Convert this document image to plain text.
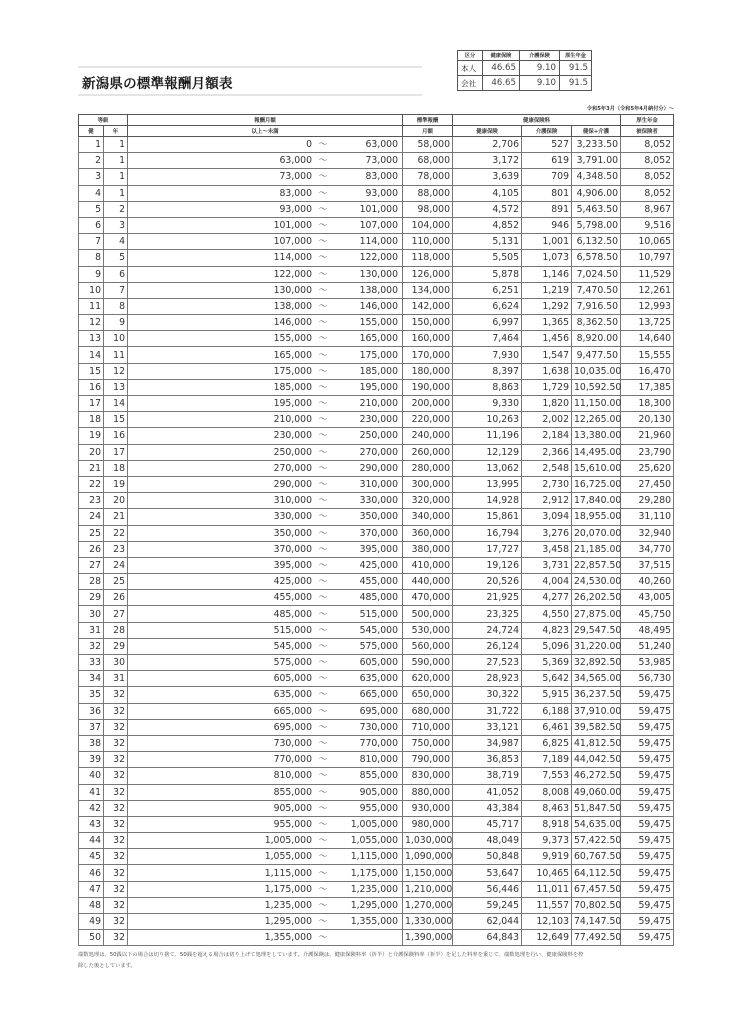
新潟県の標準報酬月額表
区分	健康保険	介護保険	厚生年金
本人	46.65	9.10	91.5
会社	46.65	9.10	91.5
令和5年3月（令和5年4月納付分）～
等級		報酬月額	標準報酬	健康保険料			厚生年金
健	年	以上～未満	月額	健康保険	介護保険	健保+介護	被保険者
1	1	0 ～ 63,000	58,000	2,706	527	3,233.50	8,052
2	1	63,000 ～ 73,000	68,000	3,172	619	3,791.00	8,052
3	1	73,000 ～ 83,000	78,000	3,639	709	4,348.50	8,052
4	1	83,000 ～ 93,000	88,000	4,105	801	4,906.00	8,052
5	2	93,000 ～ 101,000	98,000	4,572	891	5,463.50	8,967
6	3	101,000 ～ 107,000	104,000	4,852	946	5,798.00	9,516
7	4	107,000 ～ 114,000	110,000	5,131	1,001	6,132.50	10,065
8	5	114,000 ～ 122,000	118,000	5,505	1,073	6,578.50	10,797
9	6	122,000 ～ 130,000	126,000	5,878	1,146	7,024.50	11,529
10	7	130,000 ～ 138,000	134,000	6,251	1,219	7,470.50	12,261
11	8	138,000 ～ 146,000	142,000	6,624	1,292	7,916.50	12,993
12	9	146,000 ～ 155,000	150,000	6,997	1,365	8,362.50	13,725
13	10	155,000 ～ 165,000	160,000	7,464	1,456	8,920.00	14,640
14	11	165,000 ～ 175,000	170,000	7,930	1,547	9,477.50	15,555
15	12	175,000 ～ 185,000	180,000	8,397	1,638	10,035.00	16,470
16	13	185,000 ～ 195,000	190,000	8,863	1,729	10,592.50	17,385
17	14	195,000 ～ 210,000	200,000	9,330	1,820	11,150.00	18,300
18	15	210,000 ～ 230,000	220,000	10,263	2,002	12,265.00	20,130
19	16	230,000 ～ 250,000	240,000	11,196	2,184	13,380.00	21,960
20	17	250,000 ～ 270,000	260,000	12,129	2,366	14,495.00	23,790
21	18	270,000 ～ 290,000	280,000	13,062	2,548	15,610.00	25,620
22	19	290,000 ～ 310,000	300,000	13,995	2,730	16,725.00	27,450
23	20	310,000 ～ 330,000	320,000	14,928	2,912	17,840.00	29,280
24	21	330,000 ～ 350,000	340,000	15,861	3,094	18,955.00	31,110
25	22	350,000 ～ 370,000	360,000	16,794	3,276	20,070.00	32,940
26	23	370,000 ～ 395,000	380,000	17,727	3,458	21,185.00	34,770
27	24	395,000 ～ 425,000	410,000	19,126	3,731	22,857.50	37,515
28	25	425,000 ～ 455,000	440,000	20,526	4,004	24,530.00	40,260
29	26	455,000 ～ 485,000	470,000	21,925	4,277	26,202.50	43,005
30	27	485,000 ～ 515,000	500,000	23,325	4,550	27,875.00	45,750
31	28	515,000 ～ 545,000	530,000	24,724	4,823	29,547.50	48,495
32	29	545,000 ～ 575,000	560,000	26,124	5,096	31,220.00	51,240
33	30	575,000 ～ 605,000	590,000	27,523	5,369	32,892.50	53,985
34	31	605,000 ～ 635,000	620,000	28,923	5,642	34,565.00	56,730
35	32	635,000 ～ 665,000	650,000	30,322	5,915	36,237.50	59,475
36	32	665,000 ～ 695,000	680,000	31,722	6,188	37,910.00	59,475
37	32	695,000 ～ 730,000	710,000	33,121	6,461	39,582.50	59,475
38	32	730,000 ～ 770,000	750,000	34,987	6,825	41,812.50	59,475
39	32	770,000 ～ 810,000	790,000	36,853	7,189	44,042.50	59,475
40	32	810,000 ～ 855,000	830,000	38,719	7,553	46,272.50	59,475
41	32	855,000 ～ 905,000	880,000	41,052	8,008	49,060.00	59,475
42	32	905,000 ～ 955,000	930,000	43,384	8,463	51,847.50	59,475
43	32	955,000 ～ 1,005,000	980,000	45,717	8,918	54,635.00	59,475
44	32	1,005,000 ～ 1,055,000	1,030,000	48,049	9,373	57,422.50	59,475
45	32	1,055,000 ～ 1,115,000	1,090,000	50,848	9,919	60,767.50	59,475
46	32	1,115,000 ～ 1,175,000	1,150,000	53,647	10,465	64,112.50	59,475
47	32	1,175,000 ～ 1,235,000	1,210,000	56,446	11,011	67,457.50	59,475
48	32	1,235,000 ～ 1,295,000	1,270,000	59,245	11,557	70,802.50	59,475
49	32	1,295,000 ～ 1,355,000	1,330,000	62,044	12,103	74,147.50	59,475
50	32	1,355,000 ～	1,390,000	64,843	12,649	77,492.50	59,475
端数処理は、50銭以下の場合は切り捨て、50銭を超える場合は切り上げて処理をしています。介護保険は、健康保険料率（折半）と介護保険料率（折半）を足した料率を乗じて、端数処理を行い、健康保険料を控
除した後としています。
